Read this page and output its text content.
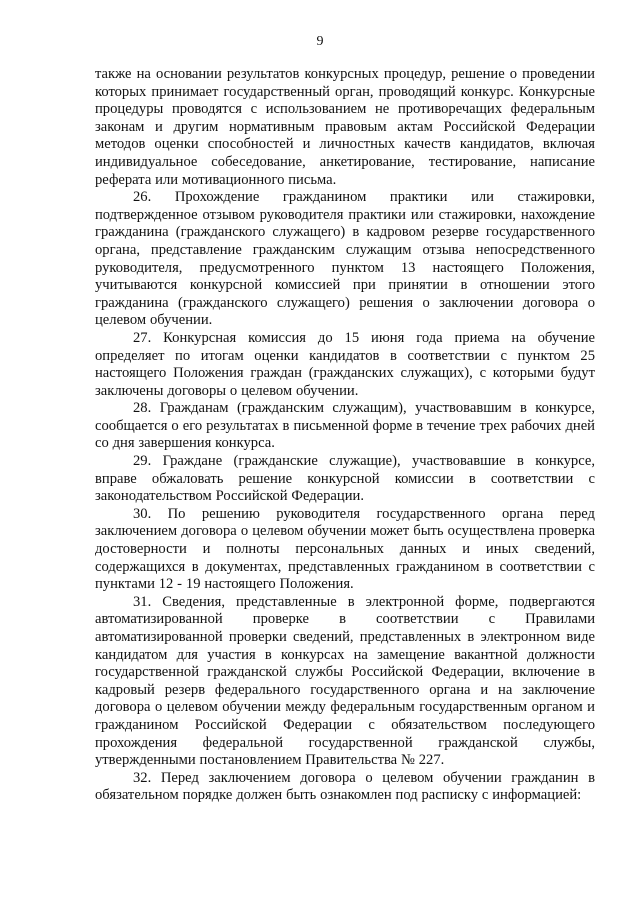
9

также на основании результатов конкурсных процедур, решение о проведении которых принимает государственный орган, проводящий конкурс. Конкурсные процедуры проводятся с использованием не противоречащих федеральным законам и другим нормативным правовым актам Российской Федерации методов оценки способностей и личностных качеств кандидатов, включая индивидуальное собеседование, анкетирование, тестирование, написание реферата или мотивационного письма.

26. Прохождение гражданином практики или стажировки, подтвержденное отзывом руководителя практики или стажировки, нахождение гражданина (гражданского служащего) в кадровом резерве государственного органа, представление гражданским служащим отзыва непосредственного руководителя, предусмотренного пунктом 13 настоящего Положения, учитываются конкурсной комиссией при принятии в отношении этого гражданина (гражданского служащего) решения о заключении договора о целевом обучении.

27. Конкурсная комиссия до 15 июня года приема на обучение определяет по итогам оценки кандидатов в соответствии с пунктом 25 настоящего Положения граждан (гражданских служащих), с которыми будут заключены договоры о целевом обучении.

28. Гражданам (гражданским служащим), участвовавшим в конкурсе, сообщается о его результатах в письменной форме в течение трех рабочих дней со дня завершения конкурса.

29. Граждане (гражданские служащие), участвовавшие в конкурсе, вправе обжаловать решение конкурсной комиссии в соответствии с законодательством Российской Федерации.

30. По решению руководителя государственного органа перед заключением договора о целевом обучении может быть осуществлена проверка достоверности и полноты персональных данных и иных сведений, содержащихся в документах, представленных гражданином в соответствии с пунктами 12 - 19 настоящего Положения.

31. Сведения, представленные в электронной форме, подвергаются автоматизированной проверке в соответствии с Правилами автоматизированной проверки сведений, представленных в электронном виде кандидатом для участия в конкурсах на замещение вакантной должности государственной гражданской службы Российской Федерации, включение в кадровый резерв федерального государственного органа и на заключение договора о целевом обучении между федеральным государственным органом и гражданином Российской Федерации с обязательством последующего прохождения федеральной государственной гражданской службы, утвержденными постановлением Правительства № 227.

32. Перед заключением договора о целевом обучении гражданин в обязательном порядке должен быть ознакомлен под расписку с информацией:
